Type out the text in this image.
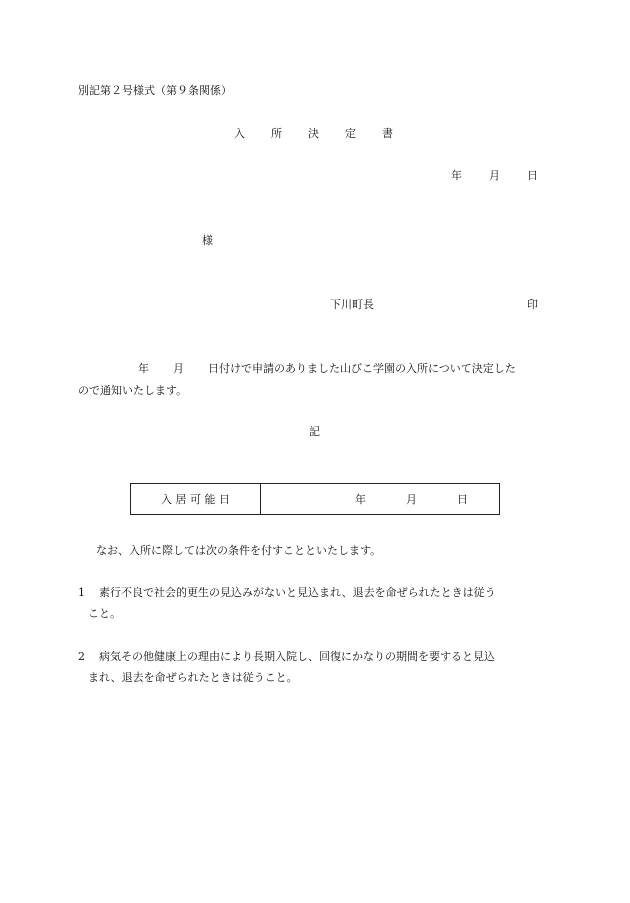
別記第２号様式（第９条関係）
入 所 決 定 書
年 月 日
様
下川町長	印
年 月 日付けで申請のありました山びこ学園の入所について決定した
ので通知いたします。
記
入 居 可 能 日	年	月	日
なお、入所に際しては次の条件を付すことといたします。
1 素行不良で社会的更生の見込みがないと見込まれ、退去を命ぜられたときは従う
こと。
2 病気その他健康上の理由により長期入院し、回復にかなりの期間を要すると見込
まれ、退去を命ぜられたときは従うこと。
